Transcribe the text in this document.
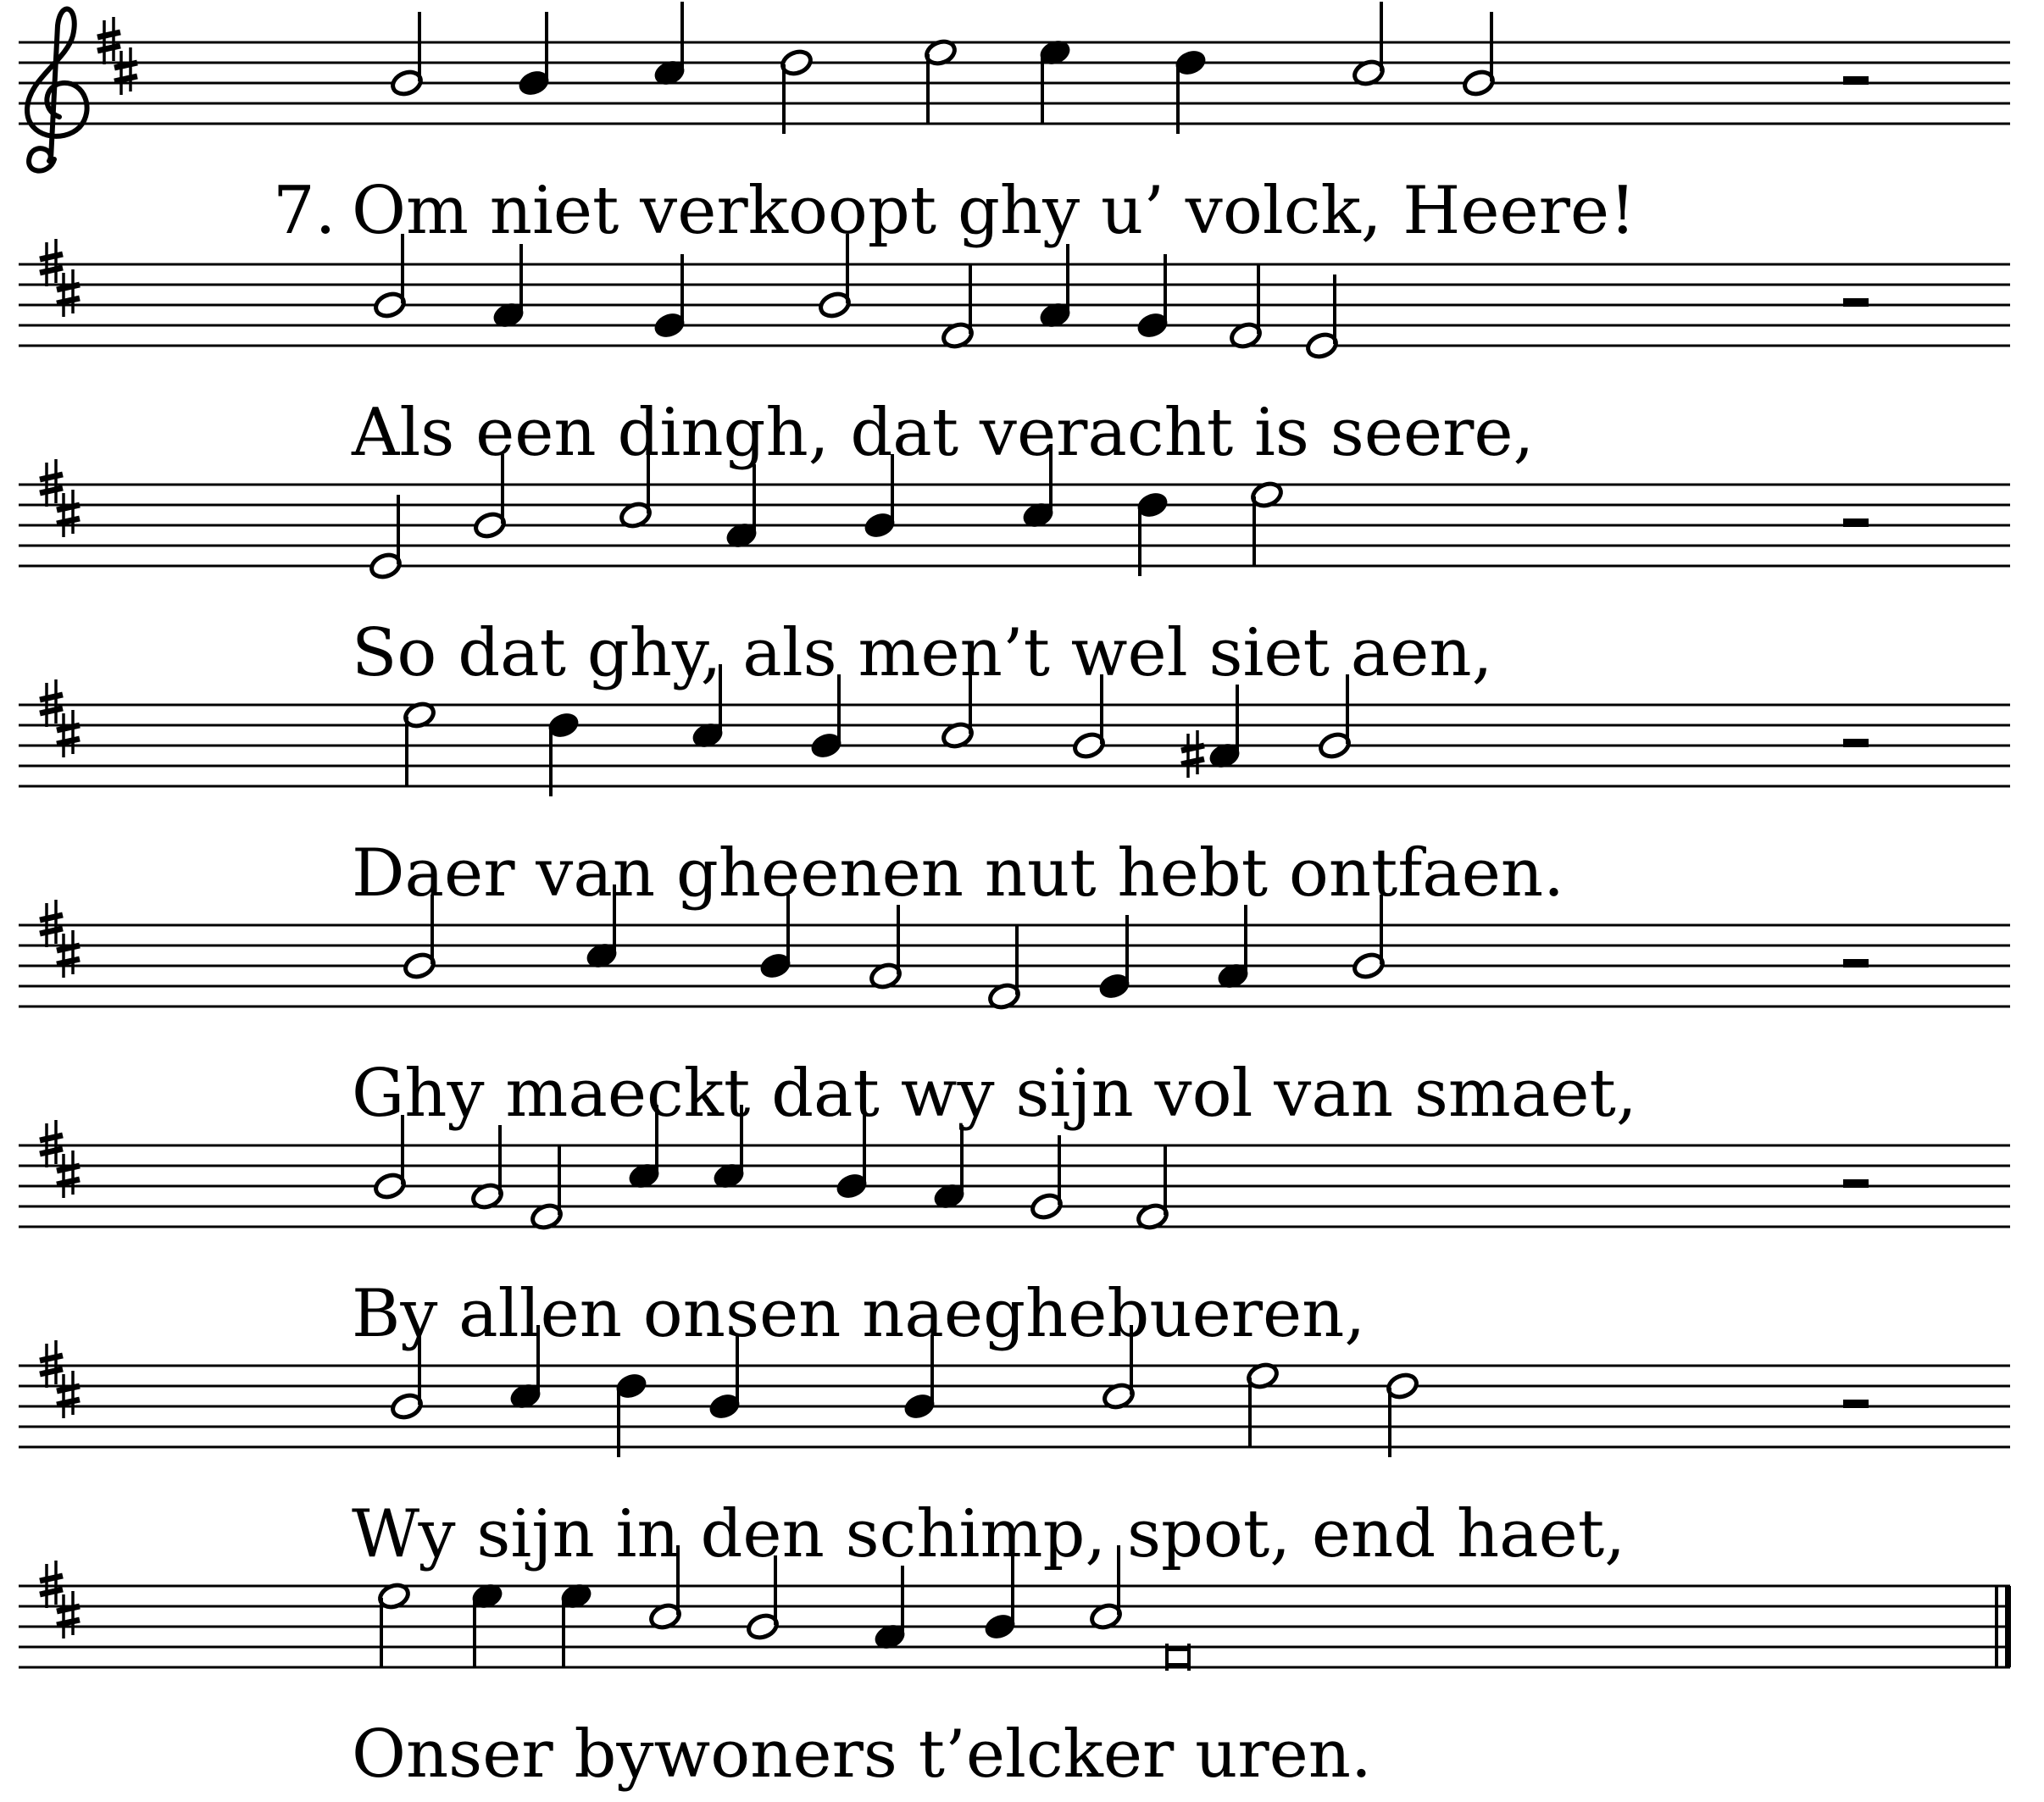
7. Om niet verkoopt ghy u’ volck, Heere!
Als een dingh, dat veracht is seere,
So dat ghy, als men’t wel siet aen,
Daer van gheenen nut hebt ontfaen.
Ghy maeckt dat wy sijn vol van smaet,
By allen onsen naeghebueren,
Wy sijn in den schimp, spot, end haet,
Onser bywoners t’elcker uren.
